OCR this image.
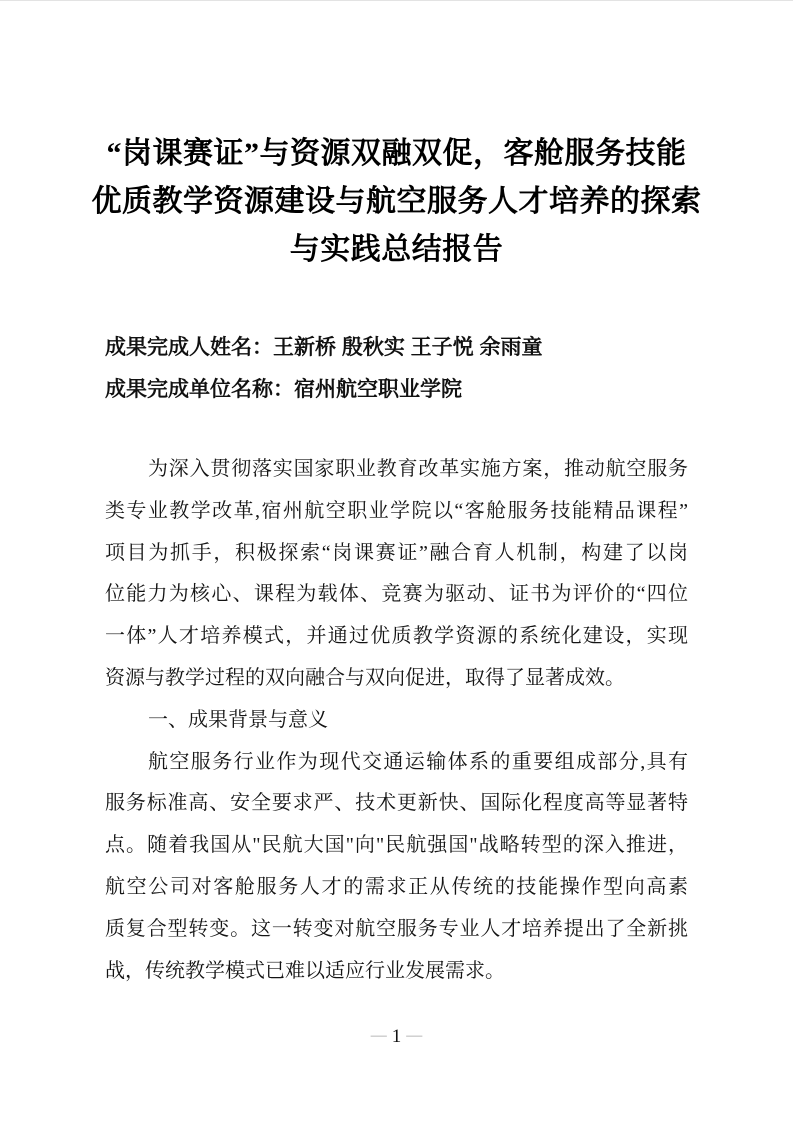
“岗课赛证”与资源双融双促，客舱服务技能
优质教学资源建设与航空服务人才培养的探索
与实践总结报告
成果完成人姓名：王新桥 殷秋实 王子悦 余雨童
成果完成单位名称：宿州航空职业学院
为深入贯彻落实国家职业教育改革实施方案，推动航空服务
类专业教学改革,宿州航空职业学院以“客舱服务技能精品课程”
项目为抓手，积极探索“岗课赛证”融合育人机制，构建了以岗
位能力为核心、课程为载体、竞赛为驱动、证书为评价的“四位
一体”人才培养模式，并通过优质教学资源的系统化建设，实现
资源与教学过程的双向融合与双向促进，取得了显著成效。
一、成果背景与意义
航空服务行业作为现代交通运输体系的重要组成部分,具有
服务标准高、安全要求严、技术更新快、国际化程度高等显著特
点。随着我国从"民航大国"向"民航强国"战略转型的深入推进，
航空公司对客舱服务人才的需求正从传统的技能操作型向高素
质复合型转变。这一转变对航空服务专业人才培养提出了全新挑
战，传统教学模式已难以适应行业发展需求。
— 1 —
